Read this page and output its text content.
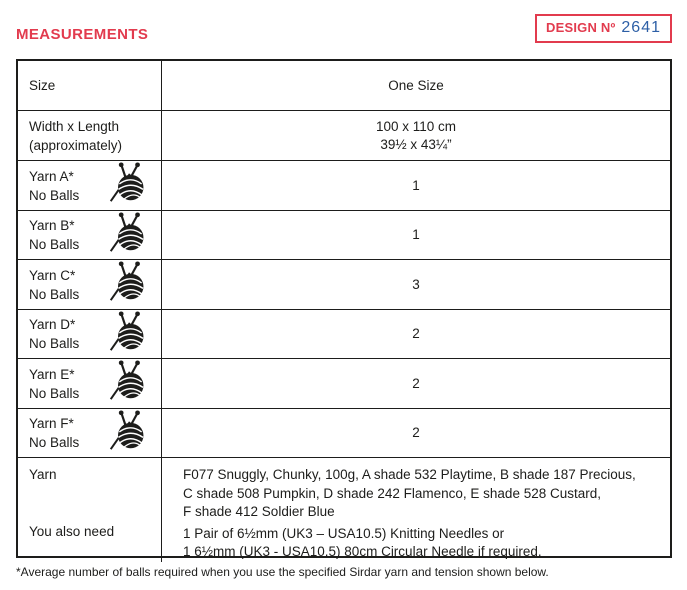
MEASUREMENTS	DESIGN Nº 2641
Size	One Size
Width x Length
(approximately)
100 x 110 cm
39½ x 43¼”
Yarn A*
No Balls
1
Yarn B*
No Balls
1
Yarn C*
No Balls
3
Yarn D*
No Balls
2
Yarn E*
No Balls
2
Yarn F*
No Balls
2
Yarn
You also need
F077 Snuggly, Chunky, 100g, A shade 532 Playtime, B shade 187 Precious,
C shade 508 Pumpkin, D shade 242 Flamenco, E shade 528 Custard,
F shade 412 Soldier Blue
1 Pair of 6½mm (UK3 – USA10.5) Knitting Needles or
1 6½mm (UK3 - USA10.5) 80cm Circular Needle if required.
*Average number of balls required when you use the specified Sirdar yarn and tension shown below.
